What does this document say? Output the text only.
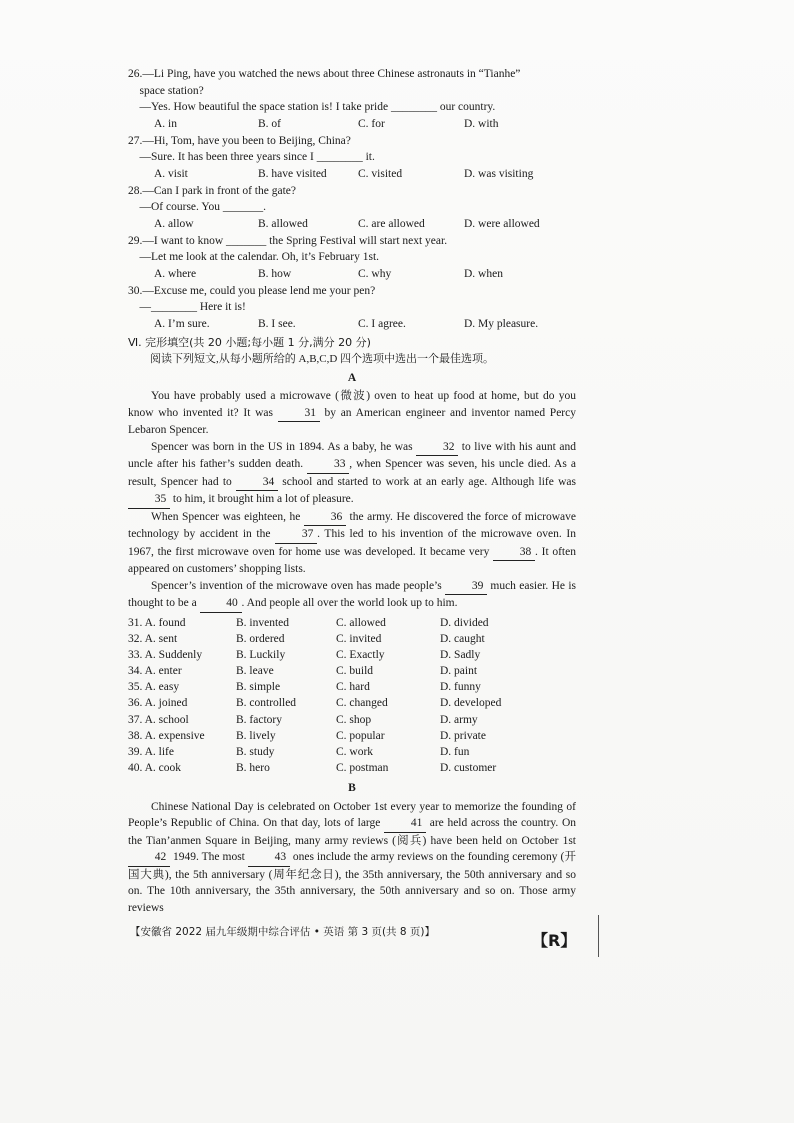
26.—Li Ping, have you watched the news about three Chinese astronauts in “Tianhe”
space station?
—Yes. How beautiful the space station is! I take pride ________ our country.
A. in	B. of	C. for	D. with
27.—Hi, Tom, have you been to Beijing, China?
—Sure. It has been three years since I ________ it.
A. visit	B. have visited	C. visited	D. was visiting
28.—Can I park in front of the gate?
—Of course. You _______.
A. allow	B. allowed	C. are allowed	D. were allowed
29.—I want to know _______ the Spring Festival will start next year.
—Let me look at the calendar. Oh, it’s February 1st.
A. where	B. how	C. why	D. when
30.—Excuse me, could you please lend me your pen?
—________ Here it is!
A. I’m sure.	B. I see.	C. I agree.	D. My pleasure.
Ⅵ. 完形填空(共 20 小题;每小题 1 分,满分 20 分)
阅读下列短文,从每小题所给的 A,B,C,D 四个选项中选出一个最佳选项。
A

You have probably used a microwave (微波) oven to heat up food at home, but do you know who invented it? It was 31 by an American engineer and inventor named Percy Lebaron Spencer.

Spencer was born in the US in 1894. As a baby, he was 32 to live with his aunt and uncle after his father’s sudden death. 33 , when Spencer was seven, his uncle died. As a result, Spencer had to 34 school and started to work at an early age. Although life was 35 to him, it brought him a lot of pleasure.

When Spencer was eighteen, he 36 the army. He discovered the force of microwave technology by accident in the 37 . This led to his invention of the microwave oven. In 1967, the first microwave oven for home use was developed. It became very 38 . It often appeared on customers’ shopping lists.

Spencer’s invention of the microwave oven has made people’s 39 much easier. He is thought to be a 40 . And people all over the world look up to him.

31. A. found	B. invented	C. allowed	D. divided
32. A. sent	B. ordered	C. invited	D. caught
33. A. Suddenly	B. Luckily	C. Exactly	D. Sadly
34. A. enter	B. leave	C. build	D. paint
35. A. easy	B. simple	C. hard	D. funny
36. A. joined	B. controlled	C. changed	D. developed
37. A. school	B. factory	C. shop	D. army
38. A. expensive	B. lively	C. popular	D. private
39. A. life	B. study	C. work	D. fun
40. A. cook	B. hero	C. postman	D. customer
B

Chinese National Day is celebrated on October 1st every year to memorize the founding of People’s Republic of China. On that day, lots of large 41 are held across the country. On the Tian’anmen Square in Beijing, many army reviews (阅兵) have been held on October 1st 42 1949. The most 43 ones include the army reviews on the founding ceremony (开国大典), the 5th anniversary (周年纪念日), the 35th anniversary, the 50th anniversary and so on. The 10th anniversary, the 35th anniversary, the 50th anniversary and so on. Those army reviews

【安徽省 2022 届九年级期中综合评估 • 英语 第 3 页(共 8 页)】	【R】
